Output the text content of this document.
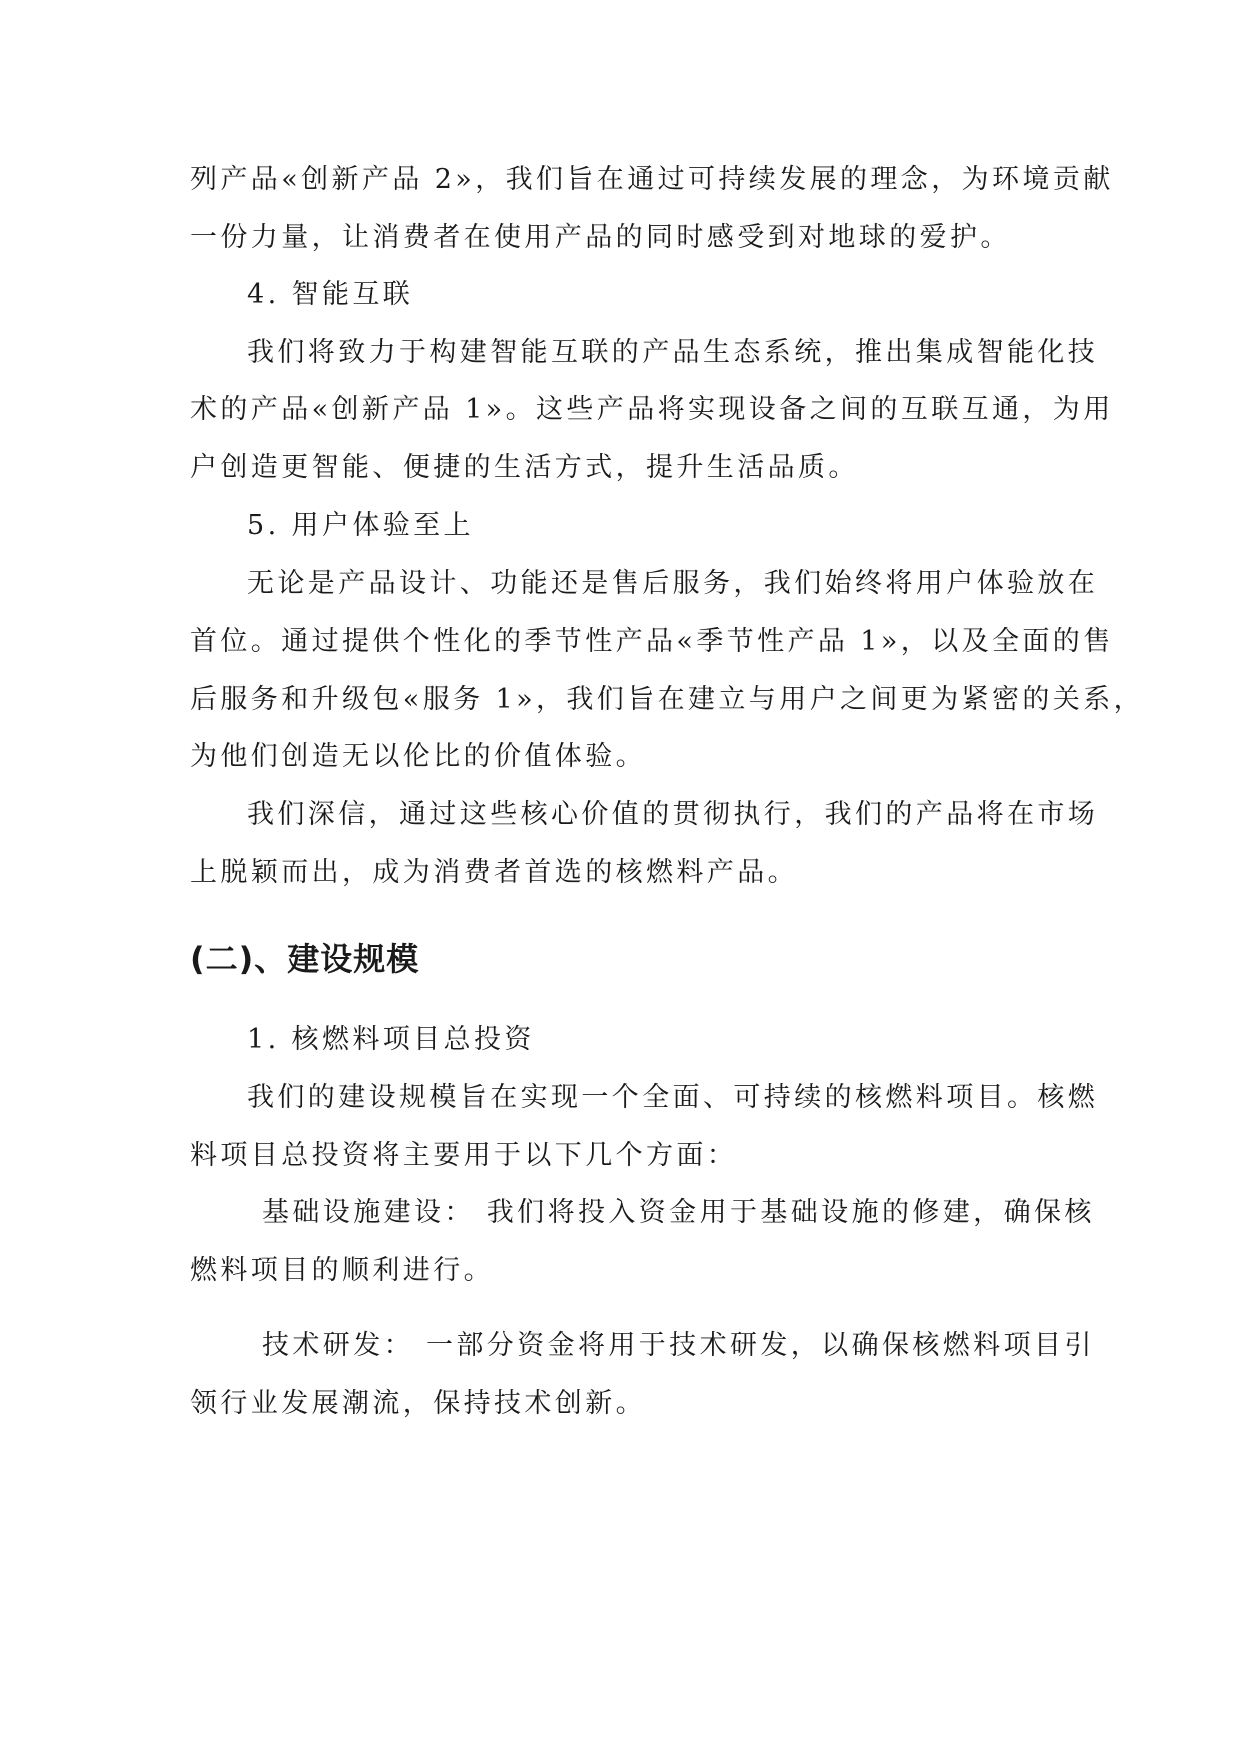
列产品«创新产品 2»，我们旨在通过可持续发展的理念，为环境贡献
一份力量，让消费者在使用产品的同时感受到对地球的爱护。
4. 智能互联
我们将致力于构建智能互联的产品生态系统，推出集成智能化技
术的产品«创新产品 1»。这些产品将实现设备之间的互联互通，为用
户创造更智能、便捷的生活方式，提升生活品质。
5. 用户体验至上
无论是产品设计、功能还是售后服务，我们始终将用户体验放在
首位。通过提供个性化的季节性产品«季节性产品 1»，以及全面的售
后服务和升级包«服务 1»，我们旨在建立与用户之间更为紧密的关系，
为他们创造无以伦比的价值体验。
我们深信，通过这些核心价值的贯彻执行，我们的产品将在市场
上脱颖而出，成为消费者首选的核燃料产品。
(二)、建设规模
1. 核燃料项目总投资
我们的建设规模旨在实现一个全面、可持续的核燃料项目。核燃
料项目总投资将主要用于以下几个方面：
基础设施建设： 我们将投入资金用于基础设施的修建，确保核
燃料项目的顺利进行。
技术研发： 一部分资金将用于技术研发，以确保核燃料项目引
领行业发展潮流，保持技术创新。
